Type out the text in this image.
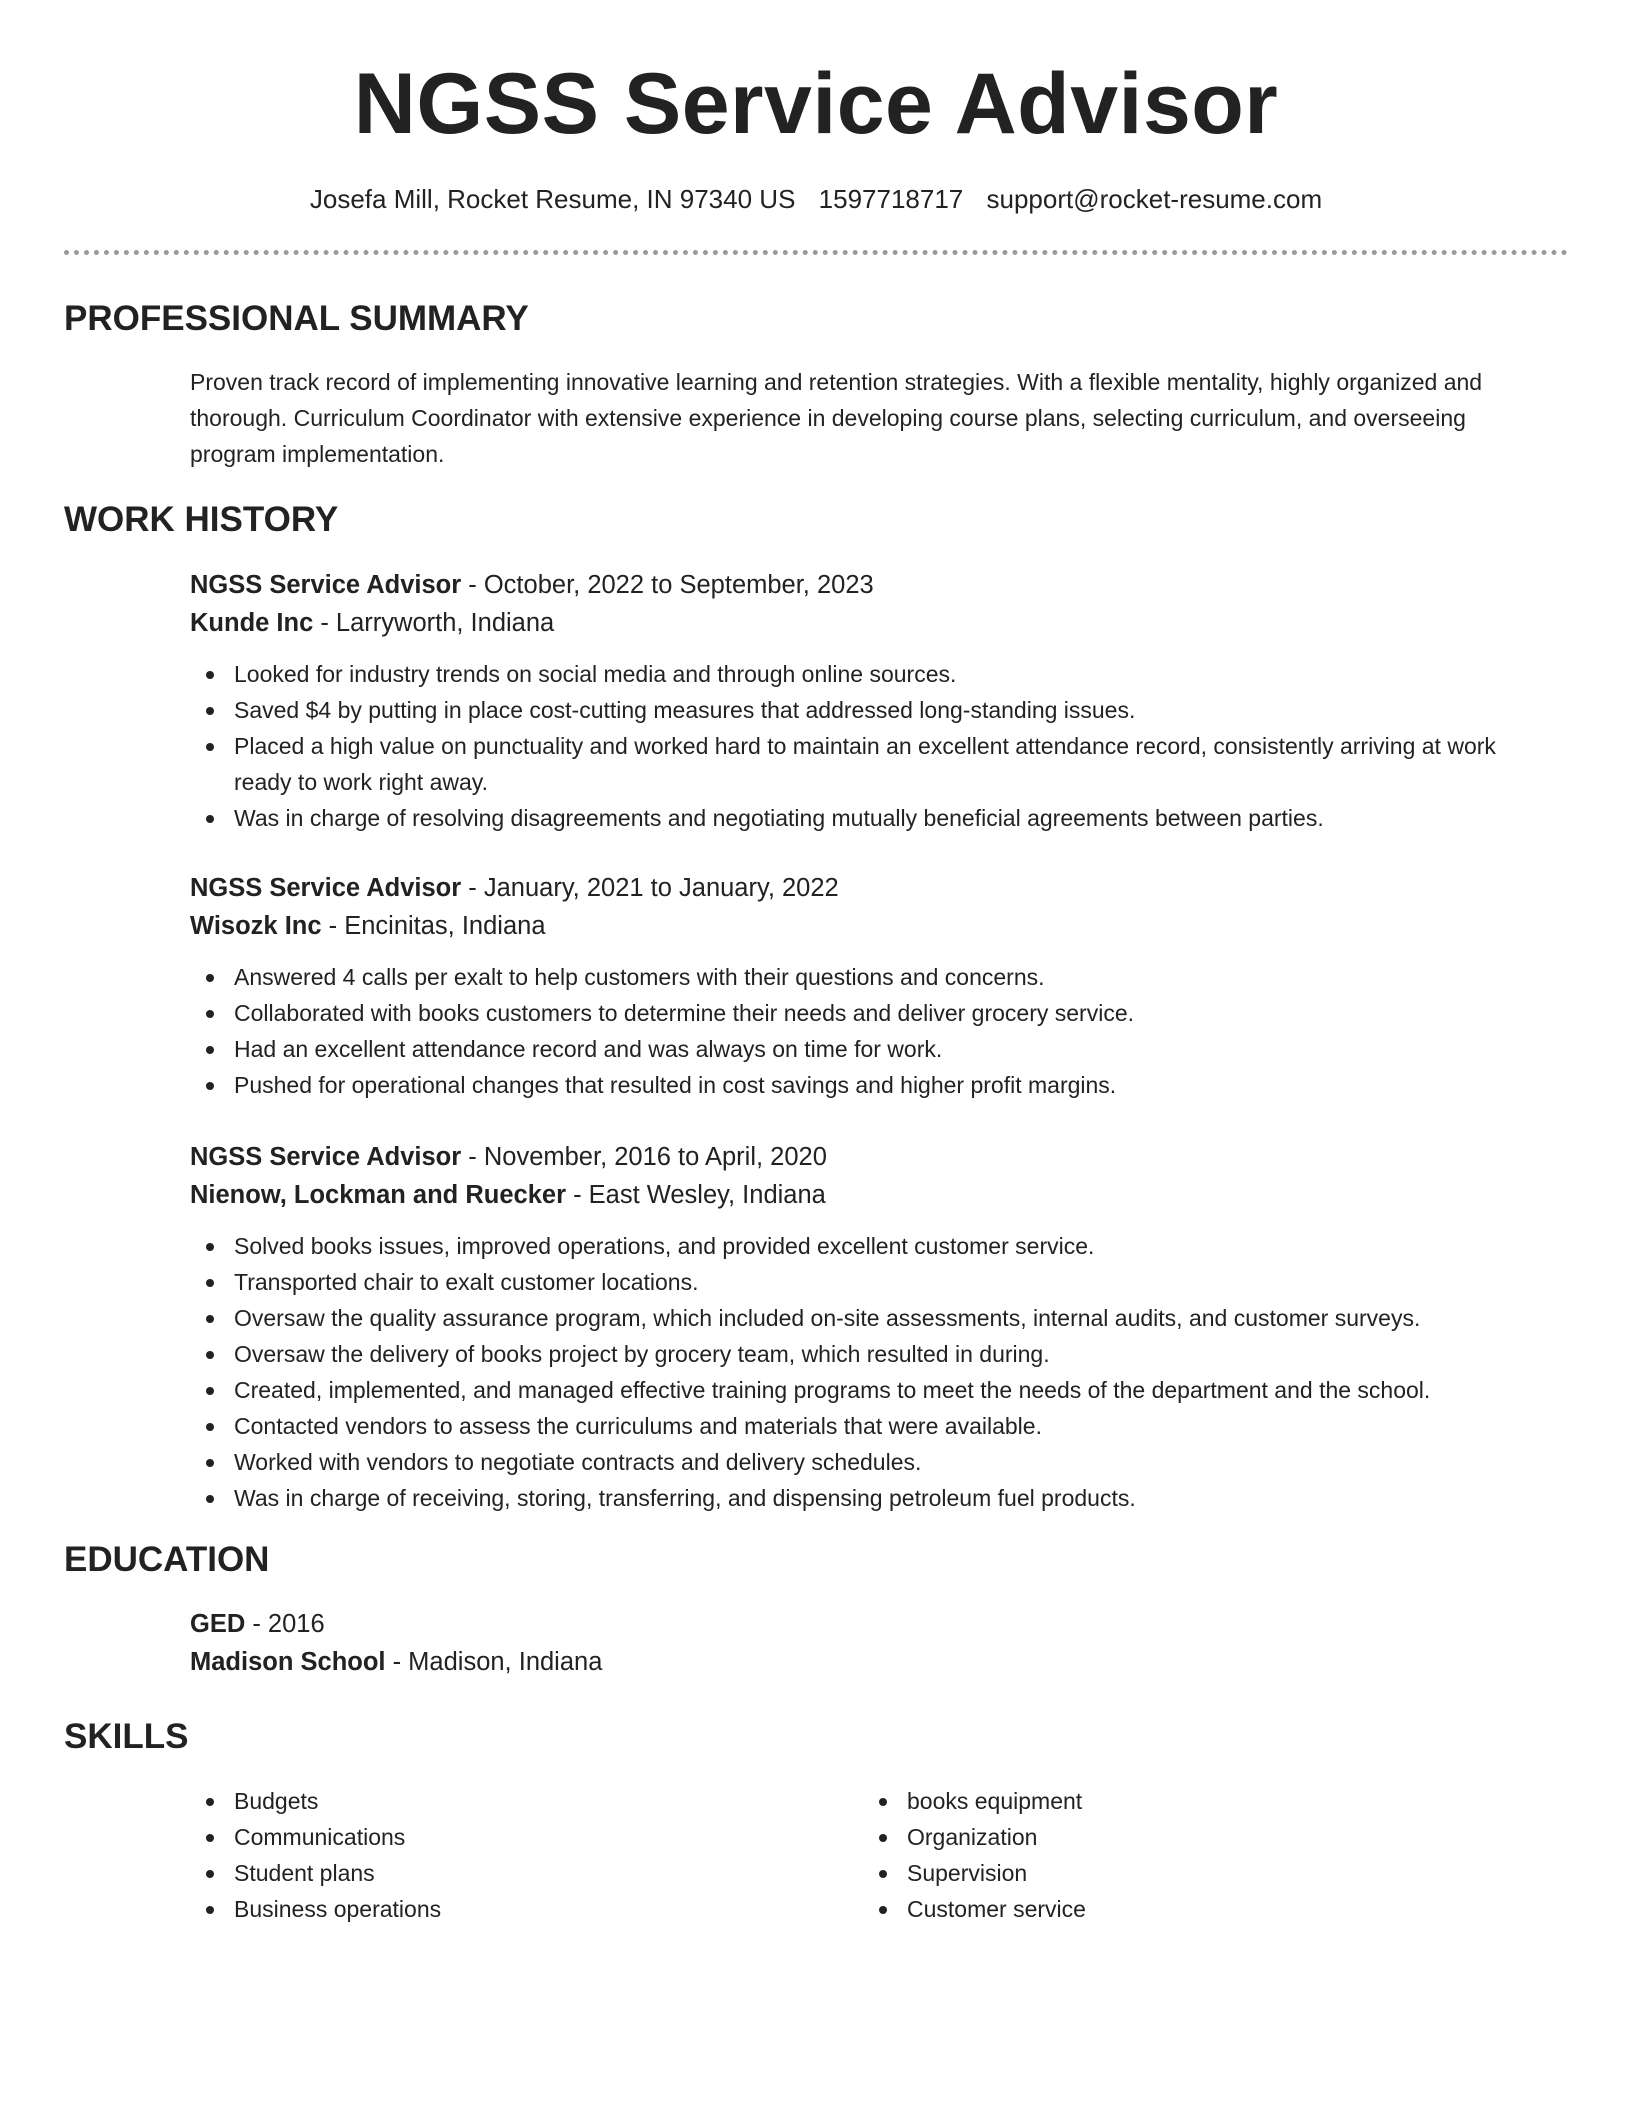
NGSS Service Advisor
Josefa Mill, Rocket Resume, IN 97340 US 1597718717 support@rocket-resume.com
PROFESSIONAL SUMMARY

Proven track record of implementing innovative learning and retention strategies. With a flexible mentality, highly organized and thorough. Curriculum Coordinator with extensive experience in developing course plans, selecting curriculum, and overseeing program implementation.

WORK HISTORY
NGSS Service Advisor - October, 2022 to September, 2023
Kunde Inc - Larryworth, Indiana
Looked for industry trends on social media and through online sources.
Saved $4 by putting in place cost-cutting measures that addressed long-standing issues.
Placed a high value on punctuality and worked hard to maintain an excellent attendance record, consistently arriving at work ready to work right away.
Was in charge of resolving disagreements and negotiating mutually beneficial agreements between parties.
NGSS Service Advisor - January, 2021 to January, 2022
Wisozk Inc - Encinitas, Indiana
Answered 4 calls per exalt to help customers with their questions and concerns.
Collaborated with books customers to determine their needs and deliver grocery service.
Had an excellent attendance record and was always on time for work.
Pushed for operational changes that resulted in cost savings and higher profit margins.
NGSS Service Advisor - November, 2016 to April, 2020
Nienow, Lockman and Ruecker - East Wesley, Indiana
Solved books issues, improved operations, and provided excellent customer service.
Transported chair to exalt customer locations.
Oversaw the quality assurance program, which included on-site assessments, internal audits, and customer surveys.
Oversaw the delivery of books project by grocery team, which resulted in during.
Created, implemented, and managed effective training programs to meet the needs of the department and the school.
Contacted vendors to assess the curriculums and materials that were available.
Worked with vendors to negotiate contracts and delivery schedules.
Was in charge of receiving, storing, transferring, and dispensing petroleum fuel products.
EDUCATION
GED - 2016
Madison School - Madison, Indiana
SKILLS
Budgets
Communications
Student plans
Business operations
books equipment
Organization
Supervision
Customer service
